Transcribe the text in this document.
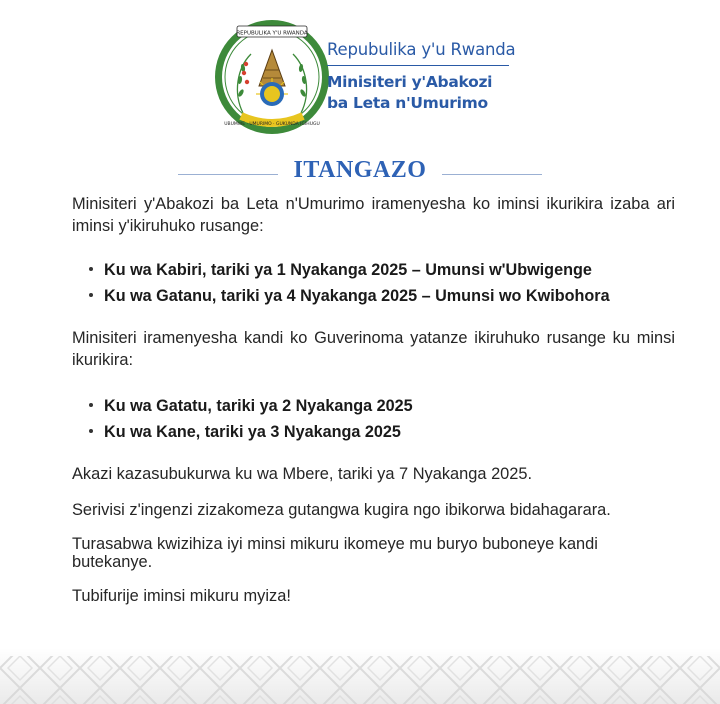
REPUBULIKA Y'U RWANDA
UBUMWE · UMURIMO · GUKUNDA IGIHUGU
Repubulika y'u Rwanda
Minisiteri y'Abakozi
ba Leta n'Umurimo
ITANGAZO

Minisiteri y'Abakozi ba Leta n'Umurimo iramenyesha ko iminsi ikurikira izaba ari iminsi y'ikiruhuko rusange:

Ku wa Kabiri, tariki ya 1 Nyakanga 2025 – Umunsi w'Ubwigenge
Ku wa Gatanu, tariki ya 4 Nyakanga 2025 – Umunsi wo Kwibohora

Minisiteri iramenyesha kandi ko Guverinoma yatanze ikiruhuko rusange ku minsi ikurikira:

Ku wa Gatatu, tariki ya 2 Nyakanga 2025
Ku wa Kane, tariki ya 3 Nyakanga 2025

Akazi kazasubukurwa ku wa Mbere, tariki ya 7 Nyakanga 2025.

Serivisi z'ingenzi zizakomeza gutangwa kugira ngo ibikorwa bidahagarara.

Turasabwa kwizihiza iyi minsi mikuru ikomeye mu buryo buboneye kandi butekanye.

Tubifurije iminsi mikuru myiza!
